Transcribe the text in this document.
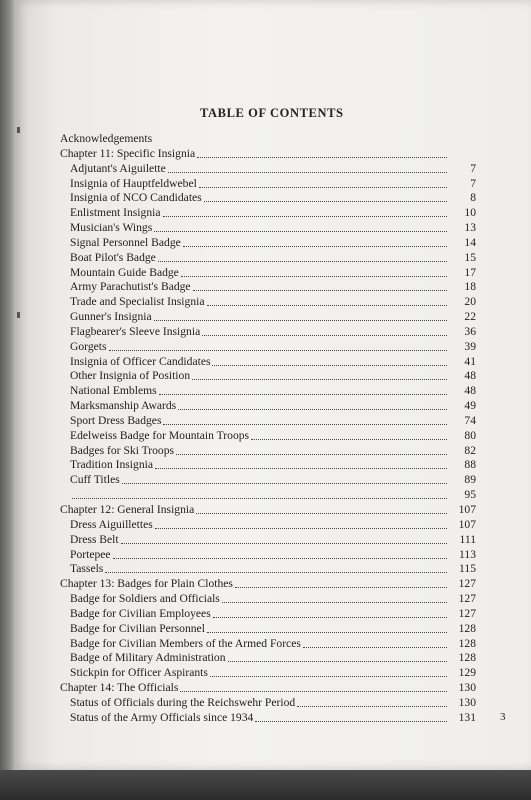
TABLE OF CONTENTS
Acknowledgements
Chapter 11: Specific Insignia
Adjutant's Aiguilette	7
Insignia of Hauptfeldwebel	7
Insignia of NCO Candidates	8
Enlistment Insignia	10
Musician's Wings	13
Signal Personnel Badge	14
Boat Pilot's Badge	15
Mountain Guide Badge	17
Army Parachutist's Badge	18
Trade and Specialist Insignia	20
Gunner's Insignia	22
Flagbearer's Sleeve Insignia	36
Gorgets	39
Insignia of Officer Candidates	41
Other Insignia of Position	48
National Emblems	48
Marksmanship Awards	49
Sport Dress Badges	74
Edelweiss Badge for Mountain Troops	80
Badges for Ski Troops	82
Tradition Insignia	88
Cuff Titles	89
95
Chapter 12: General Insignia	107
Dress Aiguillettes	107
Dress Belt	111
Portepee	113
Tassels	115
Chapter 13: Badges for Plain Clothes	127
Badge for Soldiers and Officials	127
Badge for Civilian Employees	127
Badge for Civilian Personnel	128
Badge for Civilian Members of the Armed Forces	128
Badge of Military Administration	128
Stickpin for Officer Aspirants	129
Chapter 14: The Officials	130
Status of Officials during the Reichswehr Period	130
Status of the Army Officials since 1934	131 3
